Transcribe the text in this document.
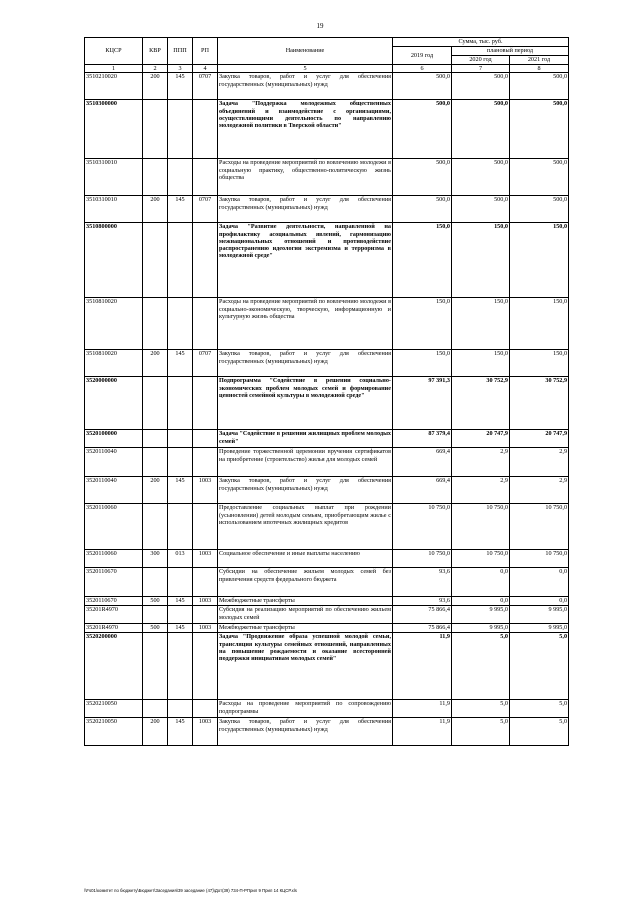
19
КЦСР	КВР	ППП	РП	Наименование	Сумма, тыс. руб.		
					2019 год	плановый период	
						2020 год	2021 год
1	2	3	4	5	6	7	8
3510210020	200	145	0707	Закупка товаров, работ и услуг для обеспечения государственных (муниципальных) нужд	500,0	500,0	500,0
3510300000				Задача "Поддержка молодежных общественных объединений и взаимодействие с организациями, осуществляющими деятельность по направлению молодежной политики в Тверской области"	500,0	500,0	500,0
3510310010				Расходы на проведение мероприятий по вовлечению молодежи в социальную практику, общественно-политическую жизнь общества	500,0	500,0	500,0
3510310010	200	145	0707	Закупка товаров, работ и услуг для обеспечения государственных (муниципальных) нужд	500,0	500,0	500,0
3510800000				Задача "Развитие деятельности, направленной на профилактику асоциальных явлений, гармонизацию межнациональных отношений и противодействие распространению идеологии экстремизма и терроризма в молодежной среде"	150,0	150,0	150,0
3510810020				Расходы на проведение мероприятий по вовлечению молодежи в социально-экономическую, творческую, информационную и культурную жизнь общества	150,0	150,0	150,0
3510810020	200	145	0707	Закупка товаров, работ и услуг для обеспечения государственных (муниципальных) нужд	150,0	150,0	150,0
3520000000				Подпрограмма "Содействие в решении социально-экономических проблем молодых семей и формирование ценностей семейной культуры в молодежной среде"	97 391,3	30 752,9	30 752,9
3520100000				Задача "Содействие в решении жилищных проблем молодых семей"	87 379,4	20 747,9	20 747,9
3520110040				Проведение торжественной церемонии вручения сертификатов на приобретение (строительство) жилья для молодых семей	669,4	2,9	2,9
3520110040	200	145	1003	Закупка товаров, работ и услуг для обеспечения государственных (муниципальных) нужд	669,4	2,9	2,9
3520110060				Предоставление социальных выплат при рождении (усыновлении) детей молодым семьям, приобретающим жилье с использованием ипотечных жилищных кредитов	10 750,0	10 750,0	10 750,0
3520110060	300	013	1003	Социальное обеспечение и иные выплаты населению	10 750,0	10 750,0	10 750,0
3520110670				Субсидии на обеспечение жильем молодых семей без привлечения средств федерального бюджета	93,6	0,0	0,0
3520110670	500	145	1003	Межбюджетные трансферты	93,6	0,0	0,0
35201R4970				Субсидия на реализацию мероприятий по обеспечению жильем молодых семей	75 866,4	9 995,0	9 995,0
35201R4970	500	145	1003	Межбюджетные трансферты	75 866,4	9 995,0	9 995,0
3520200000				Задача "Продвижение образа успешной молодой семьи, трансляция культуры семейных отношений, направленных на повышение рождаемости и оказание всесторонней поддержки инициативам молодых семей"	11,9	5,0	5,0
3520210050				Расходы на проведение мероприятий по сопровождению подпрограммы	11,9	5,0	5,0
3520210050	200	145	1003	Закупка товаров, работ и услуг для обеспечения государственных (муниципальных) нужд	11,9	5,0	5,0
\\Fs01\комитет по бюджету\Бюджет\Заседания\39 заседание (47)\Дот(39) 734-П-РПрил 9 Прил 14 КЦСР.xls
